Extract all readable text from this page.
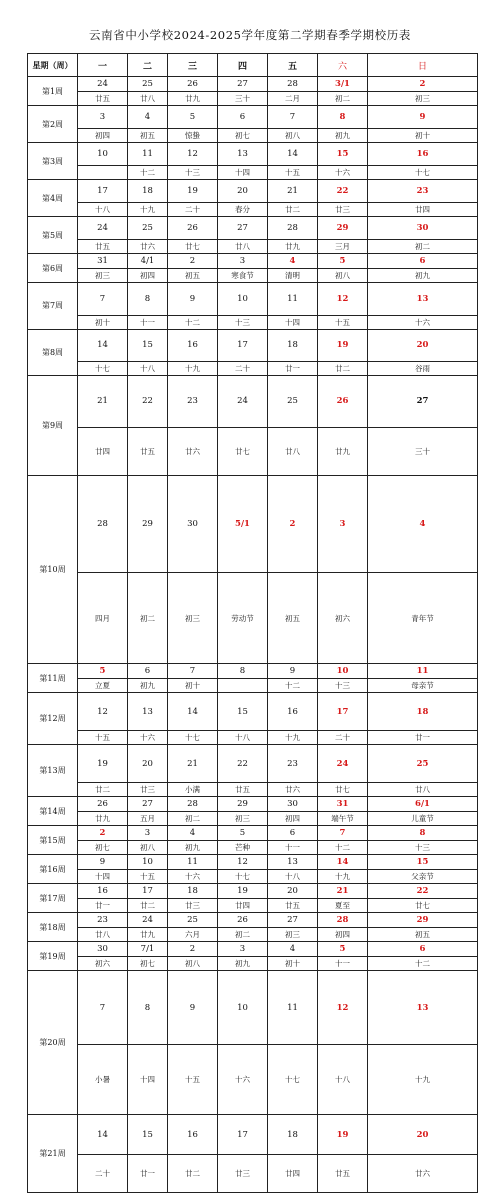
云南省中小学校2024-2025学年度第二学期春季学期校历表
星期（周）	一	二	三	四	五	六	日	
第1周	24	25	26	27	28	3/1	2	
	廿五	廿八	廿九	三十	二月	初二	初三	
第2周	3	4	5	6	7	8	9	
	初四	初五	惊蛰	初七	初八	初九	初十	
第3周	10	11	12	13	14	15	16	
		十二	十三	十四	十五	十六	十七	
第4周	17	18	19	20	21	22	23	
	十八	十九	二十	春分	廿二	廿三	廿四	
第5周	24	25	26	27	28	29	30	
	廿五	廿六	廿七	廿八	廿九	三月	初二	
第6周	31	4/1	2	3	4	5	6	
	初三	初四	初五	寒食节	清明	初八	初九	
第7周	7	8	9	10	11	12	13	
	初十	十一	十二	十三	十四	十五	十六	
第8周	14	15	16	17	18	19	20	
	十七	十八	十九	二十	廿一	廿二	谷雨	
第9周	21	22	23	24	25	26	27	
	廿四	廿五	廿六	廿七	廿八	廿九	三十	
第10周	28	29	30	5/1	2	3	4	
	四月	初二	初三	劳动节	初五	初六	青年节	
第11周	5	6	7	8	9	10	11	
	立夏	初九	初十		十二	十三	母亲节	
第12周	12	13	14	15	16	17	18	
	十五	十六	十七	十八	十九	二十	廿一	
第13周	19	20	21	22	23	24	25	
	廿二	廿三	小满	廿五	廿六	廿七	廿八	
第14周	26	27	28	29	30	31	6/1	
	廿九	五月	初二	初三	初四	端午节	儿童节	
第15周	2	3	4	5	6	7	8	
	初七	初八	初九	芒种	十一	十二	十三	
第16周	9	10	11	12	13	14	15	
	十四	十五	十六	十七	十八	十九	父亲节	
第17周	16	17	18	19	20	21	22	
	廿一	廿二	廿三	廿四	廿五	夏至	廿七	
第18周	23	24	25	26	27	28	29	
	廿八	廿九	六月	初二	初三	初四	初五	
第19周	30	7/1	2	3	4	5	6	
	初六	初七	初八	初九	初十	十一	十二	
第20周	7	8	9	10	11	12	13	
	小暑	十四	十五	十六	十七	十八	十九	
第21周	14	15	16	17	18	19	20	
	二十	廿一	廿二	廿三	廿四	廿五	廿六	
